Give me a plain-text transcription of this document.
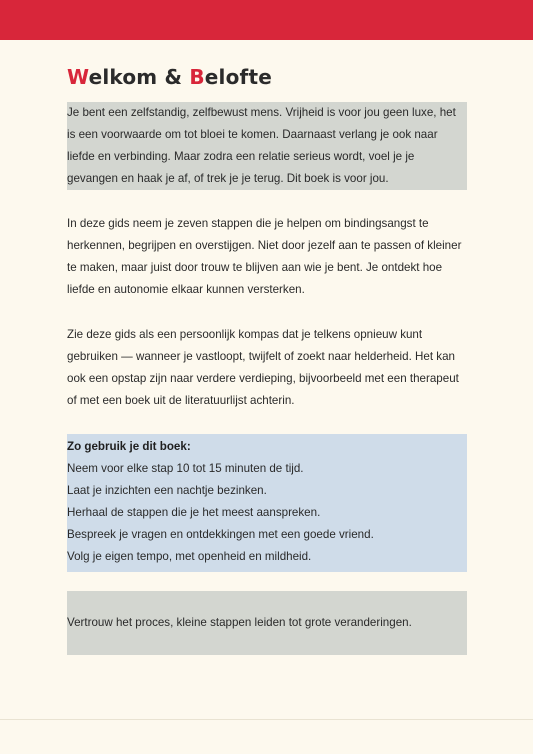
Welkom & Belofte

Je bent een zelfstandig, zelfbewust mens. Vrijheid is voor jou geen luxe, het is een voorwaarde om tot bloei te komen. Daarnaast verlang je ook naar liefde en verbinding. Maar zodra een relatie serieus wordt, voel je je gevangen en haak je af, of trek je je terug. Dit boek is voor jou.

In deze gids neem je zeven stappen die je helpen om bindingsangst te herkennen, begrijpen en overstijgen. Niet door jezelf aan te passen of kleiner te maken, maar juist door trouw te blijven aan wie je bent. Je ontdekt hoe liefde en autonomie elkaar kunnen versterken.

Zie deze gids als een persoonlijk kompas dat je telkens opnieuw kunt gebruiken — wanneer je vastloopt, twijfelt of zoekt naar helderheid. Het kan ook een opstap zijn naar verdere verdieping, bijvoorbeeld met een therapeut of met een boek uit de literatuurlijst achterin.

Zo gebruik je dit boek:
Neem voor elke stap 10 tot 15 minuten de tijd.
Laat je inzichten een nachtje bezinken.
Herhaal de stappen die je het meest aanspreken.
Bespreek je vragen en ontdekkingen met een goede vriend.
Volg je eigen tempo, met openheid en mildheid.
Vertrouw het proces, kleine stappen leiden tot grote veranderingen.
